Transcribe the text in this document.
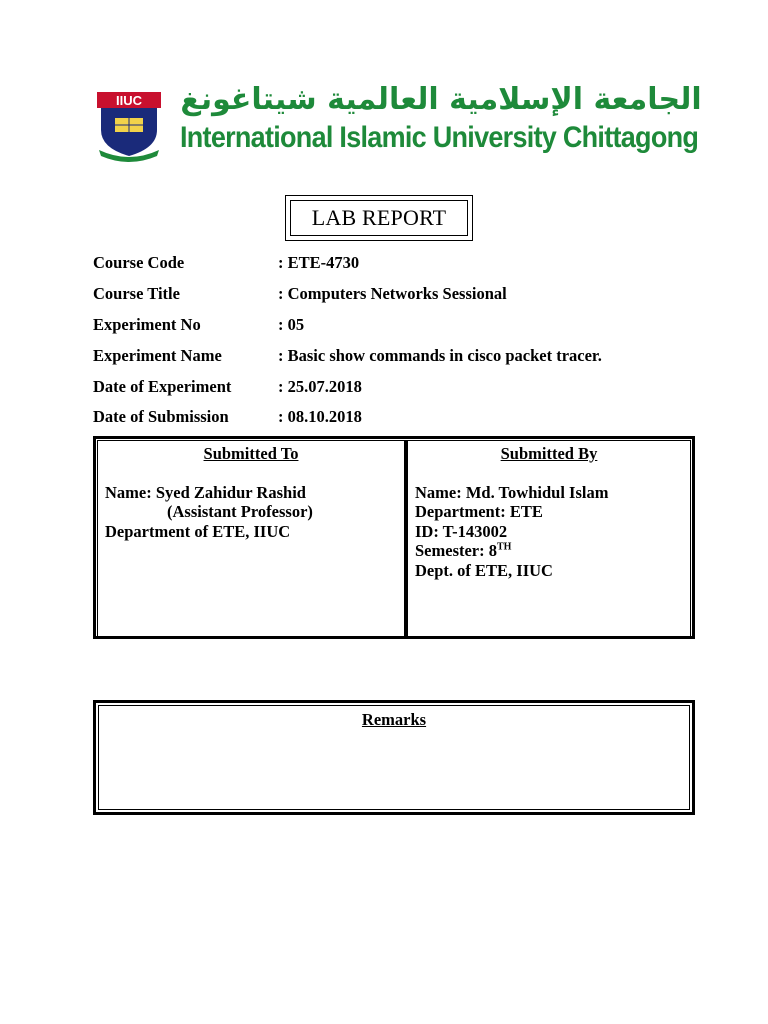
IIUC الجامعة الإسلامية العالمية شيتاغونغ
International Islamic University Chittagong
LAB REPORT
Course Code	: ETE-4730
Course Title	: Computers Networks Sessional
Experiment No	: 05
Experiment Name	: Basic show commands in cisco packet tracer.
Date of Experiment	: 25.07.2018
Date of Submission	: 08.10.2018
Submitted To
Name: Syed Zahidur Rashid
(Assistant Professor)
Department of ETE, IIUC
Submitted By
Name: Md. Towhidul Islam
Department: ETE
ID: T-143002
Semester: 8TH
Dept. of ETE, IIUC
Remarks
